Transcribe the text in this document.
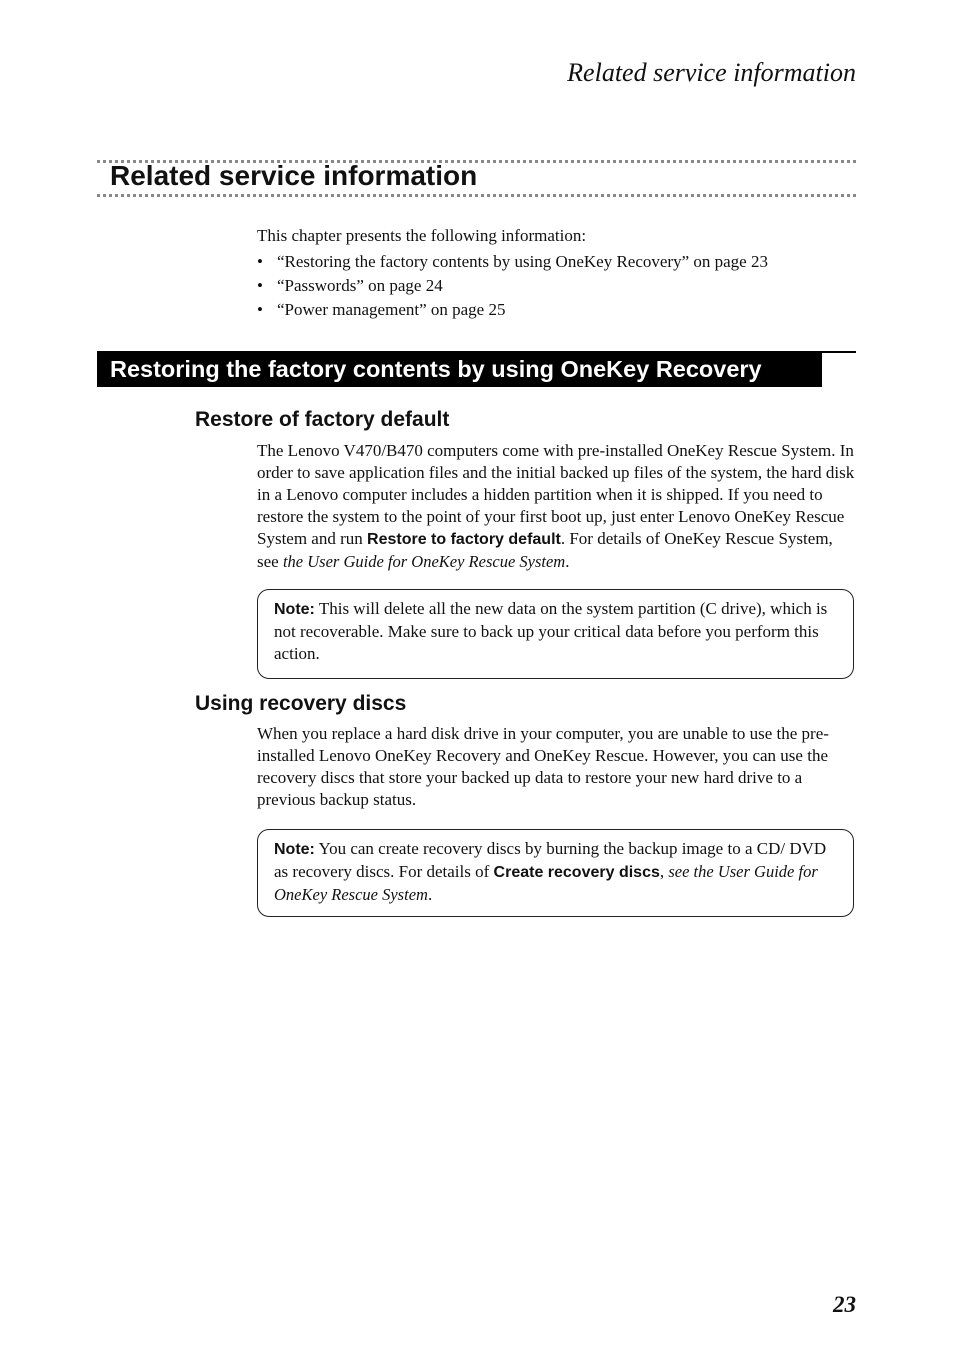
Related service information
Related service information
This chapter presents the following information:
• “Restoring the factory contents by using OneKey Recovery” on page 23
• “Passwords” on page 24
• “Power management” on page 25
Restoring the factory contents by using OneKey Recovery
Restore of factory default

The Lenovo V470/B470 computers come with pre-installed OneKey Rescue System. In order to save application files and the initial backed up files of the system, the hard disk in a Lenovo computer includes a hidden partition when it is shipped. If you need to restore the system to the point of your first boot up, just enter Lenovo OneKey Rescue System and run Restore to factory default. For details of OneKey Rescue System, see the User Guide for OneKey Rescue System.

Note: This will delete all the new data on the system partition (C drive), which is not recoverable. Make sure to back up your critical data before you perform this action.
Using recovery discs

When you replace a hard disk drive in your computer, you are unable to use the pre-installed Lenovo OneKey Recovery and OneKey Rescue. However, you can use the recovery discs that store your backed up data to restore your new hard drive to a previous backup status.

Note: You can create recovery discs by burning the backup image to a CD/ DVD as recovery discs. For details of Create recovery discs, see the User Guide for OneKey Rescue System.
23
